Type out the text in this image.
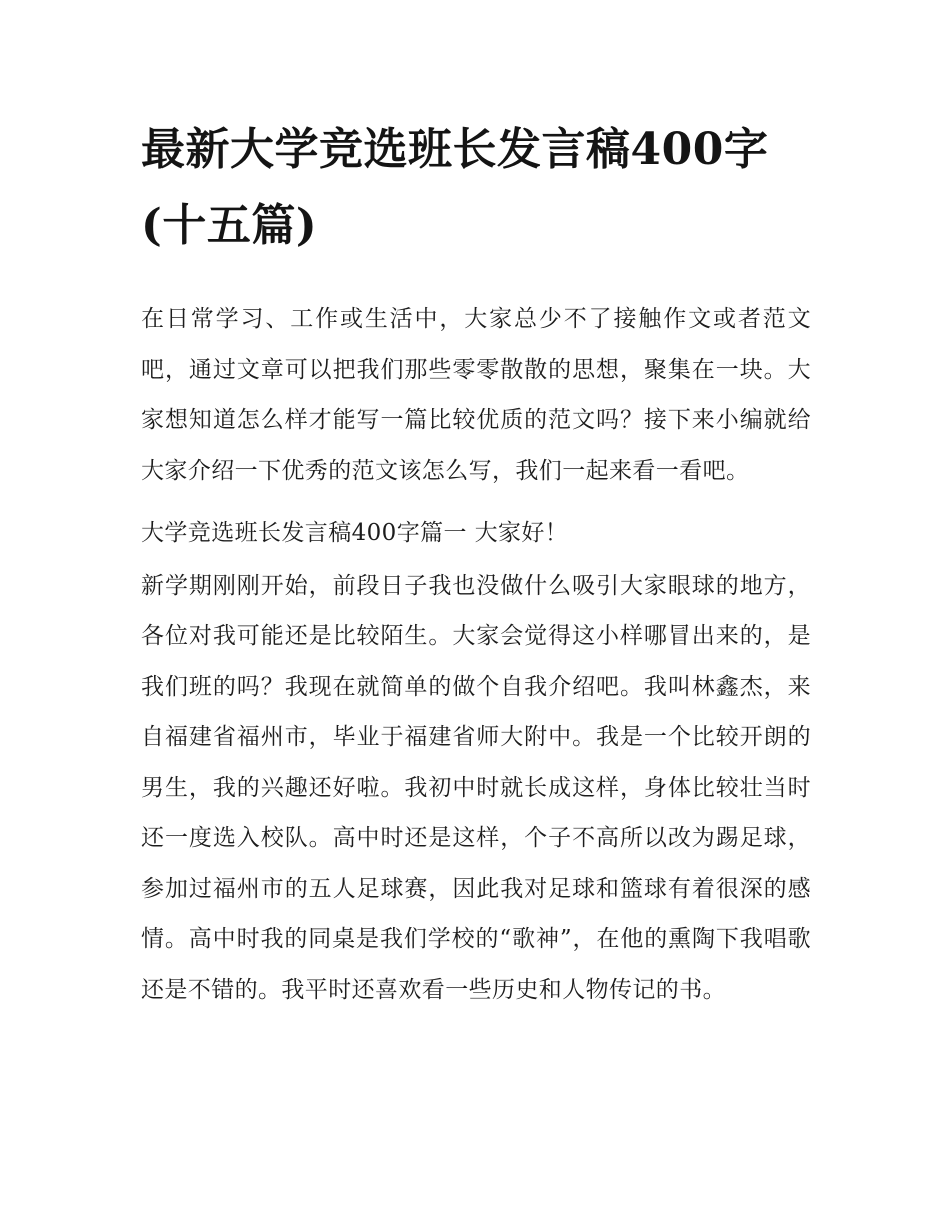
最新大学竞选班长发言稿400字(十五篇)

在日常学习、工作或生活中，大家总少不了接触作文或者范文吧，通过文章可以把我们那些零零散散的思想，聚集在一块。大家想知道怎么样才能写一篇比较优质的范文吗？接下来小编就给大家介绍一下优秀的范文该怎么写，我们一起来看一看吧。

大学竞选班长发言稿400字篇一 大家好！

新学期刚刚开始，前段日子我也没做什么吸引大家眼球的地方，各位对我可能还是比较陌生。大家会觉得这小样哪冒出来的，是我们班的吗？我现在就简单的做个自我介绍吧。我叫林鑫杰，来自福建省福州市，毕业于福建省师大附中。我是一个比较开朗的男生，我的兴趣还好啦。我初中时就长成这样，身体比较壮当时还一度选入校队。高中时还是这样，个子不高所以改为踢足球，参加过福州市的五人足球赛，因此我对足球和篮球有着很深的感情。高中时我的同桌是我们学校的“歌神”，在他的熏陶下我唱歌还是不错的。我平时还喜欢看一些历史和人物传记的书。
